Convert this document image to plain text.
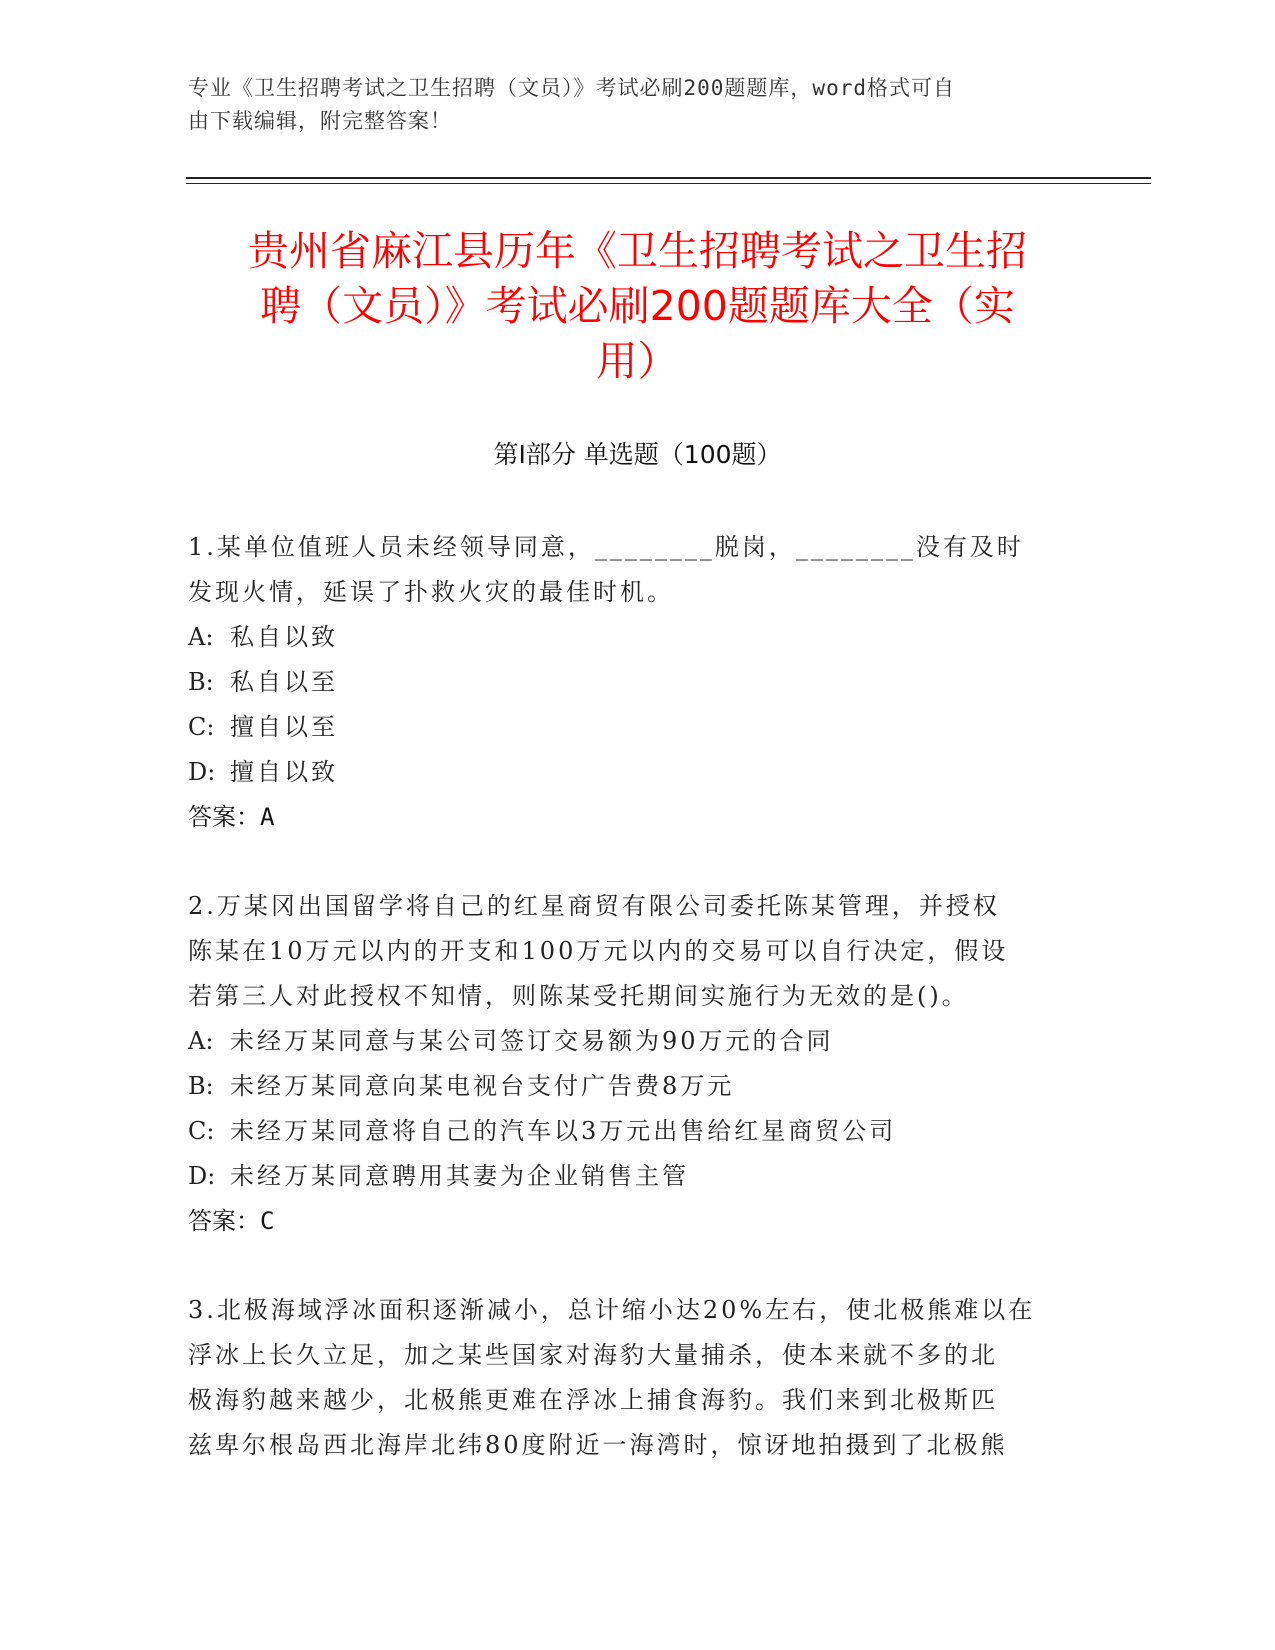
专业《卫生招聘考试之卫生招聘（文员）》考试必刷200题题库，word格式可自
由下载编辑，附完整答案！
贵州省麻江县历年《卫生招聘考试之卫生招
聘（文员）》考试必刷200题题库大全（实
用）
第Ⅰ部分 单选题（100题）

1.某单位值班人员未经领导同意，________脱岗，________没有及时

发现火情，延误了扑救火灾的最佳时机。

A: 私自以致

B: 私自以至

C: 擅自以至

D: 擅自以致

答案：A

2.万某冈出国留学将自己的红星商贸有限公司委托陈某管理，并授权

陈某在10万元以内的开支和100万元以内的交易可以自行决定，假设

若第三人对此授权不知情，则陈某受托期间实施行为无效的是()。

A: 未经万某同意与某公司签订交易额为90万元的合同

B: 未经万某同意向某电视台支付广告费8万元

C: 未经万某同意将自己的汽车以3万元出售给红星商贸公司

D: 未经万某同意聘用其妻为企业销售主管

答案：C

3.北极海域浮冰面积逐渐减小，总计缩小达20%左右，使北极熊难以在

浮冰上长久立足，加之某些国家对海豹大量捕杀，使本来就不多的北

极海豹越来越少，北极熊更难在浮冰上捕食海豹。我们来到北极斯匹

兹卑尔根岛西北海岸北纬80度附近一海湾时，惊讶地拍摄到了北极熊
